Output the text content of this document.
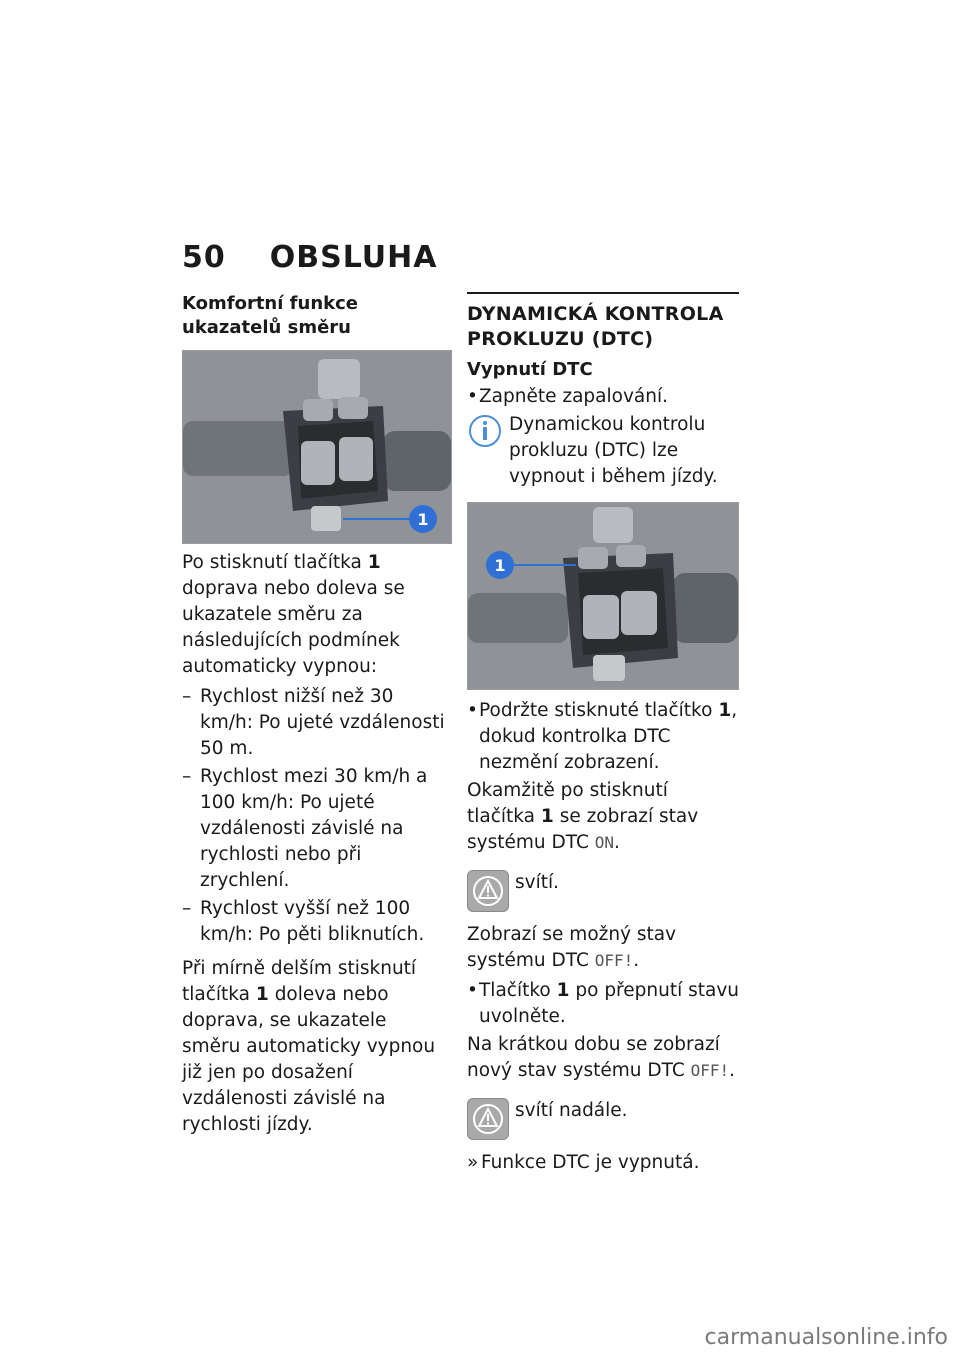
50 OBSLUHA
Komfortní funkce ukazatelů směru
1

Po stisknutí tlačítka 1 doprava nebo doleva se ukazatele směru za následujících podmínek automaticky vypnou:

– Rychlost nižší než 30 km/h: Po ujeté vzdálenosti 50 m.
– Rychlost mezi 30 km/h a 100 km/h: Po ujeté vzdálenosti závislé na rychlosti nebo při zrychlení.
– Rychlost vyšší než 100 km/h: Po pěti bliknutích.

Při mírně delším stisknutí tlačítka 1 doleva nebo doprava, se ukazatele směru automaticky vypnou již jen po dosažení vzdálenosti závislé na rychlosti jízdy.

DYNAMICKÁ KONTROLA PROKLUZU (DTC)
Vypnutí DTC
• Zapněte zapalování.
Dynamickou kontrolu prokluzu (DTC) lze vypnout i během jízdy.
1
• Podržte stisknuté tlačítko 1, dokud kontrolka DTC nezmění zobrazení.

Okamžitě po stisknutí tlačítka 1 se zobrazí stav systému DTC ON.

svítí.

Zobrazí se možný stav systému DTC OFF!.

• Tlačítko 1 po přepnutí stavu uvolněte.

Na krátkou dobu se zobrazí nový stav systému DTC OFF!.

svítí nadále.

» Funkce DTC je vypnutá.

carmanualsonline.info
